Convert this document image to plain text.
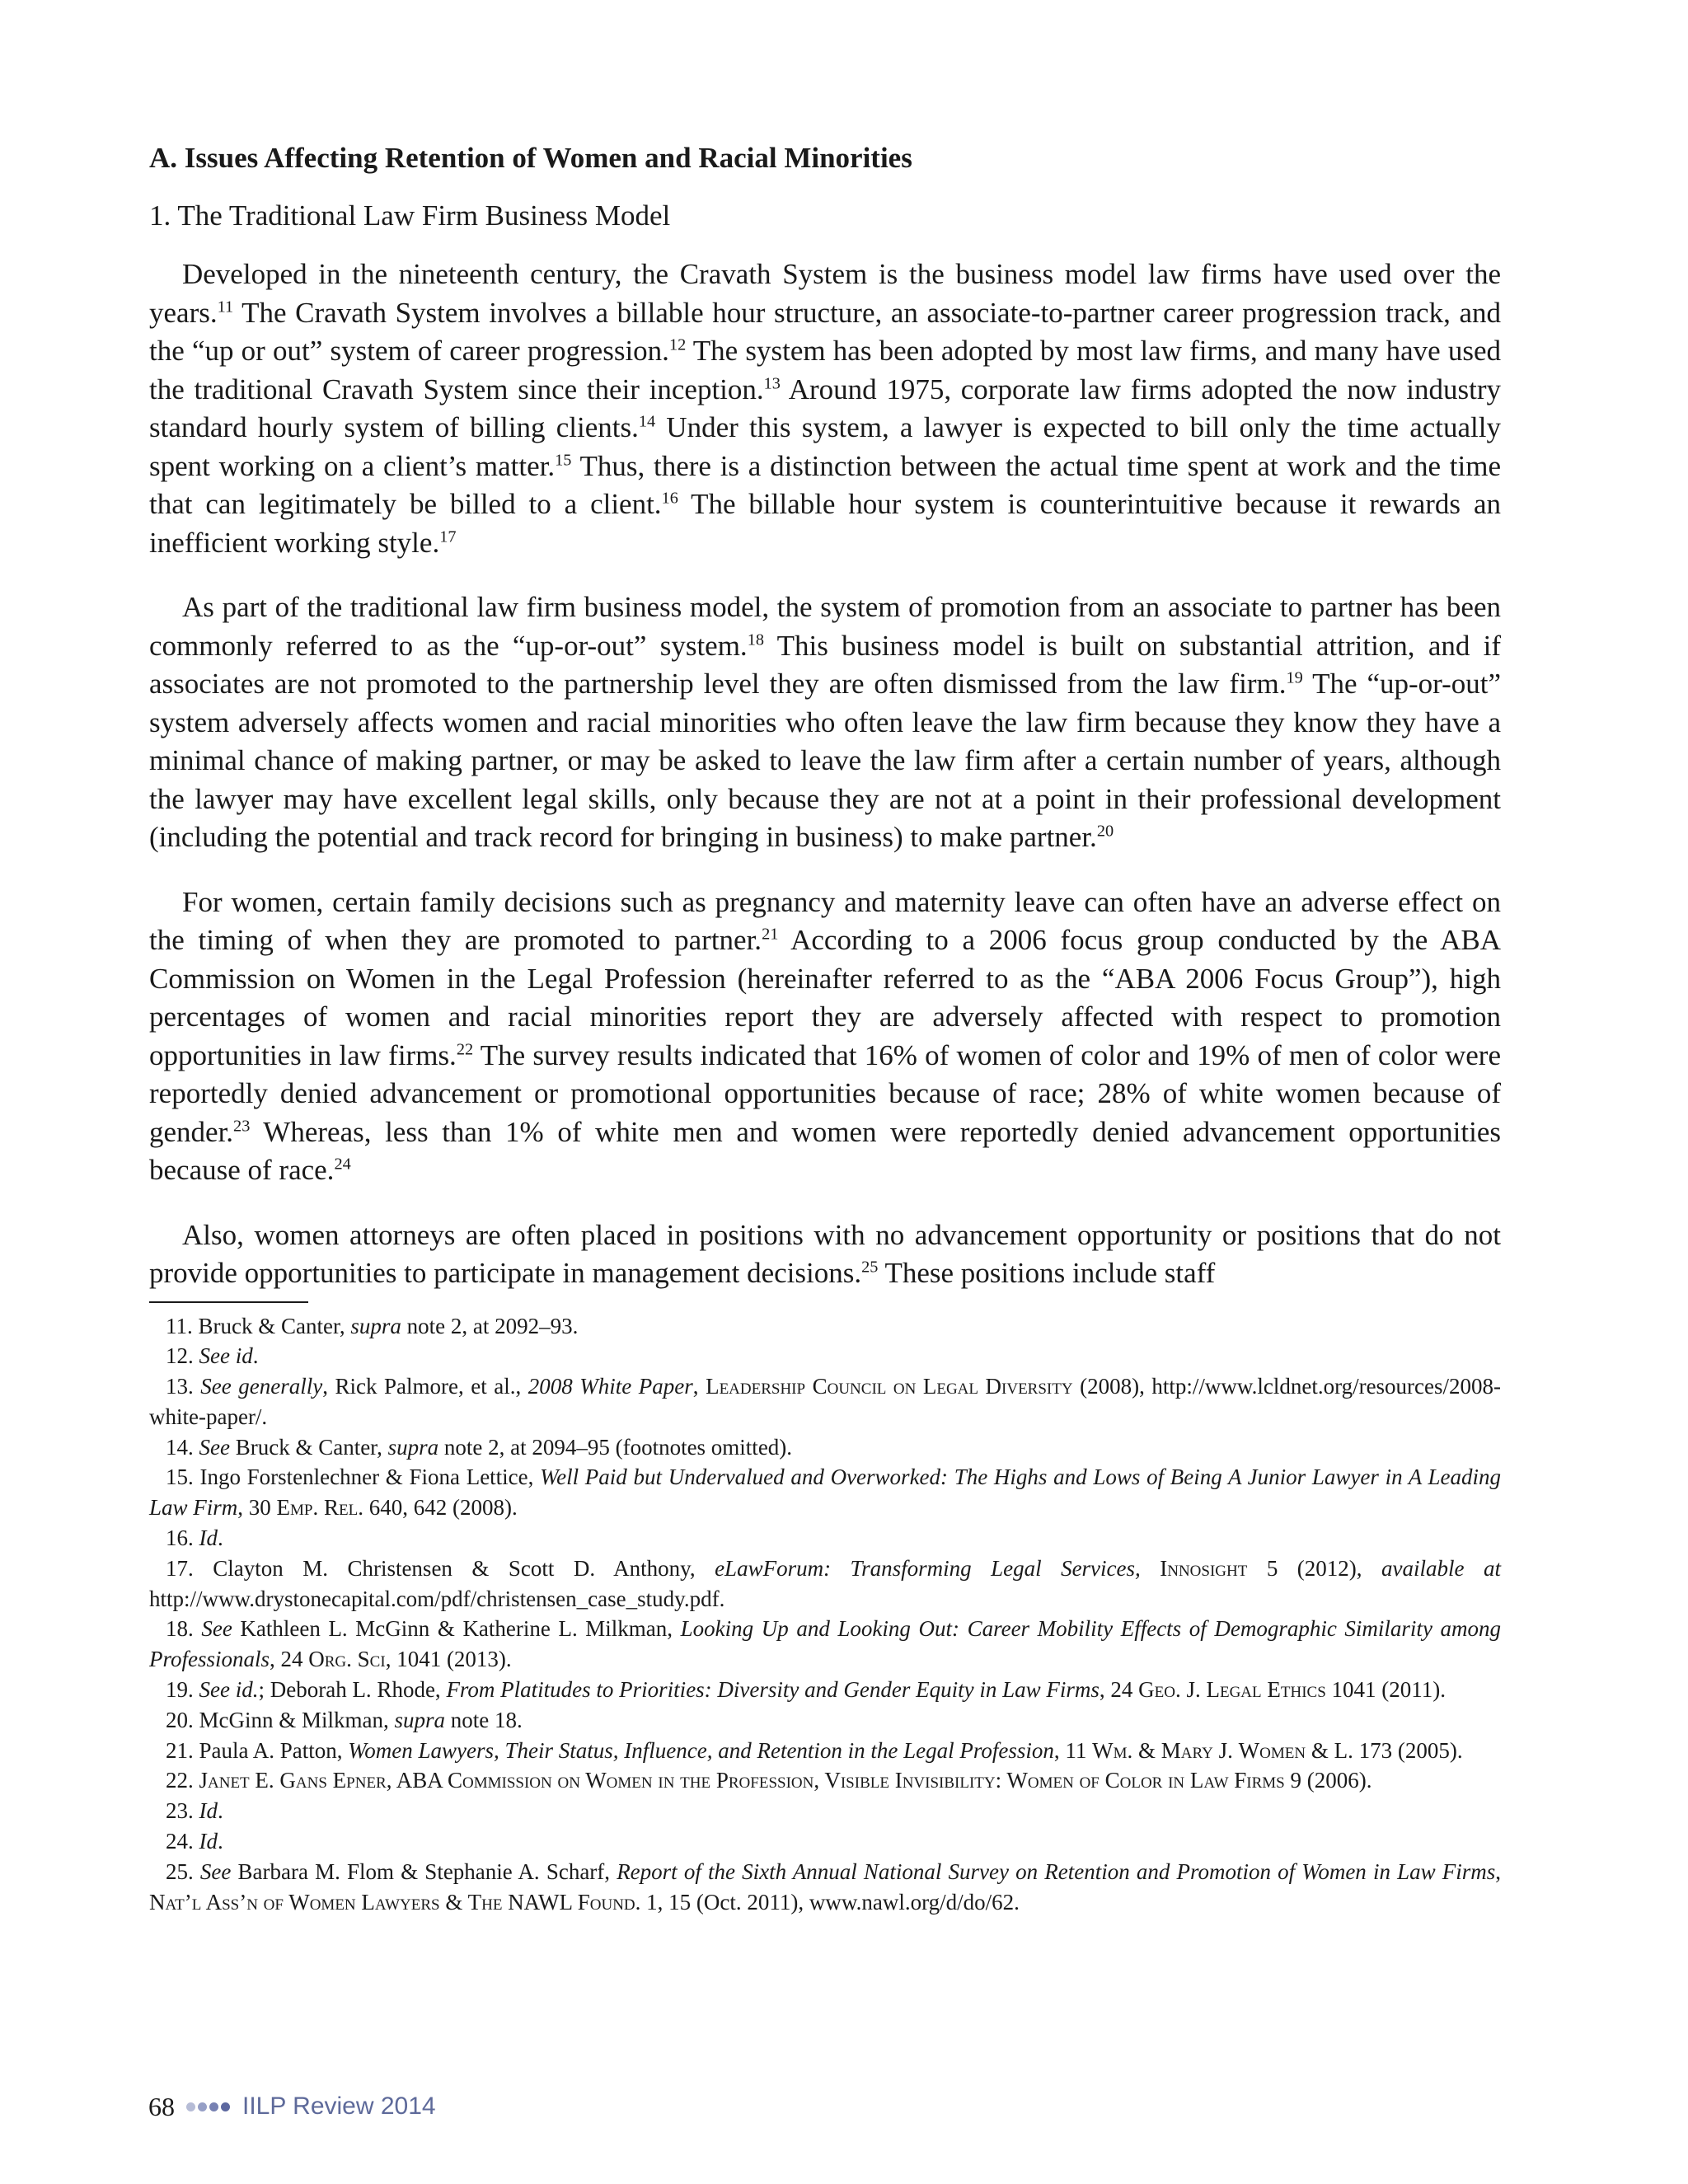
A. Issues Affecting Retention of Women and Racial Minorities
1. The Traditional Law Firm Business Model

Developed in the nineteenth century, the Cravath System is the business model law firms have used over the years.$^{11}$ The Cravath System involves a billable hour structure, an associate-to-partner career progression track, and the “up or out” system of career progression.$^{12}$ The system has been adopted by most law firms, and many have used the traditional Cravath System since their inception.$^{13}$ Around 1975, corporate law firms adopted the now industry standard hourly system of billing clients.$^{14}$ Under this system, a lawyer is expected to bill only the time actually spent working on a client’s matter.$^{15}$ Thus, there is a distinction between the actual time spent at work and the time that can legitimately be billed to a client.$^{16}$ The billable hour system is counterintuitive because it rewards an inefficient working style.$^{17}$

As part of the traditional law firm business model, the system of promotion from an associate to partner has been commonly referred to as the “up-or-out” system.$^{18}$ This business model is built on substantial attrition, and if associates are not promoted to the partnership level they are often dismissed from the law firm.$^{19}$ The “up-or-out” system adversely affects women and racial minorities who often leave the law firm because they know they have a minimal chance of making partner, or may be asked to leave the law firm after a certain number of years, although the lawyer may have excellent legal skills, only because they are not at a point in their professional development (including the potential and track record for bringing in business) to make partner.$^{20}$

For women, certain family decisions such as pregnancy and maternity leave can often have an adverse effect on the timing of when they are promoted to partner.$^{21}$ According to a 2006 focus group conducted by the ABA Commission on Women in the Legal Profession (hereinafter referred to as the “ABA 2006 Focus Group”), high percentages of women and racial minorities report they are adversely affected with respect to promotion opportunities in law firms.$^{22}$ The survey results indicated that 16% of women of color and 19% of men of color were reportedly denied advancement or promotional opportunities because of race; 28% of white women because of gender.$^{23}$ Whereas, less than 1% of white men and women were reportedly denied advancement opportunities because of race.$^{24}$

Also, women attorneys are often placed in positions with no advancement opportunity or positions that do not provide opportunities to participate in management decisions.$^{25}$ These positions include staff

11. Bruck & Canter, supra note 2, at 2092–93.

12. See id.

13. See generally, Rick Palmore, et al., 2008 White Paper, Leadership Council on Legal Diversity (2008), http://www.lcldnet.org/resources/2008-white-paper/.

14. See Bruck & Canter, supra note 2, at 2094–95 (footnotes omitted).

15. Ingo Forstenlechner & Fiona Lettice, Well Paid but Undervalued and Overworked: The Highs and Lows of Being A Junior Lawyer in A Leading Law Firm, 30 Emp. Rel. 640, 642 (2008).

16. Id.

17. Clayton M. Christensen & Scott D. Anthony, eLawForum: Transforming Legal Services, Innosight 5 (2012), available at http://www.drystonecapital.com/pdf/christensen_case_study.pdf.

18. See Kathleen L. McGinn & Katherine L. Milkman, Looking Up and Looking Out: Career Mobility Effects of Demographic Similarity among Professionals, 24 Org. Sci, 1041 (2013).

19. See id.; Deborah L. Rhode, From Platitudes to Priorities: Diversity and Gender Equity in Law Firms, 24 Geo. J. Legal Ethics 1041 (2011).

20. McGinn & Milkman, supra note 18.

21. Paula A. Patton, Women Lawyers, Their Status, Influence, and Retention in the Legal Profession, 11 Wm. & Mary J. Women & L. 173 (2005).

22. Janet E. Gans Epner, ABA Commission on Women in the Profession, Visible Invisibility: Women of Color in Law Firms 9 (2006).

23. Id.

24. Id.

25. See Barbara M. Flom & Stephanie A. Scharf, Report of the Sixth Annual National Survey on Retention and Promotion of Women in Law Firms, Nat’l Ass’n of Women Lawyers & The NAWL Found. 1, 15 (Oct. 2011), www.nawl.org/d/do/62.

68	IILP Review 2014
